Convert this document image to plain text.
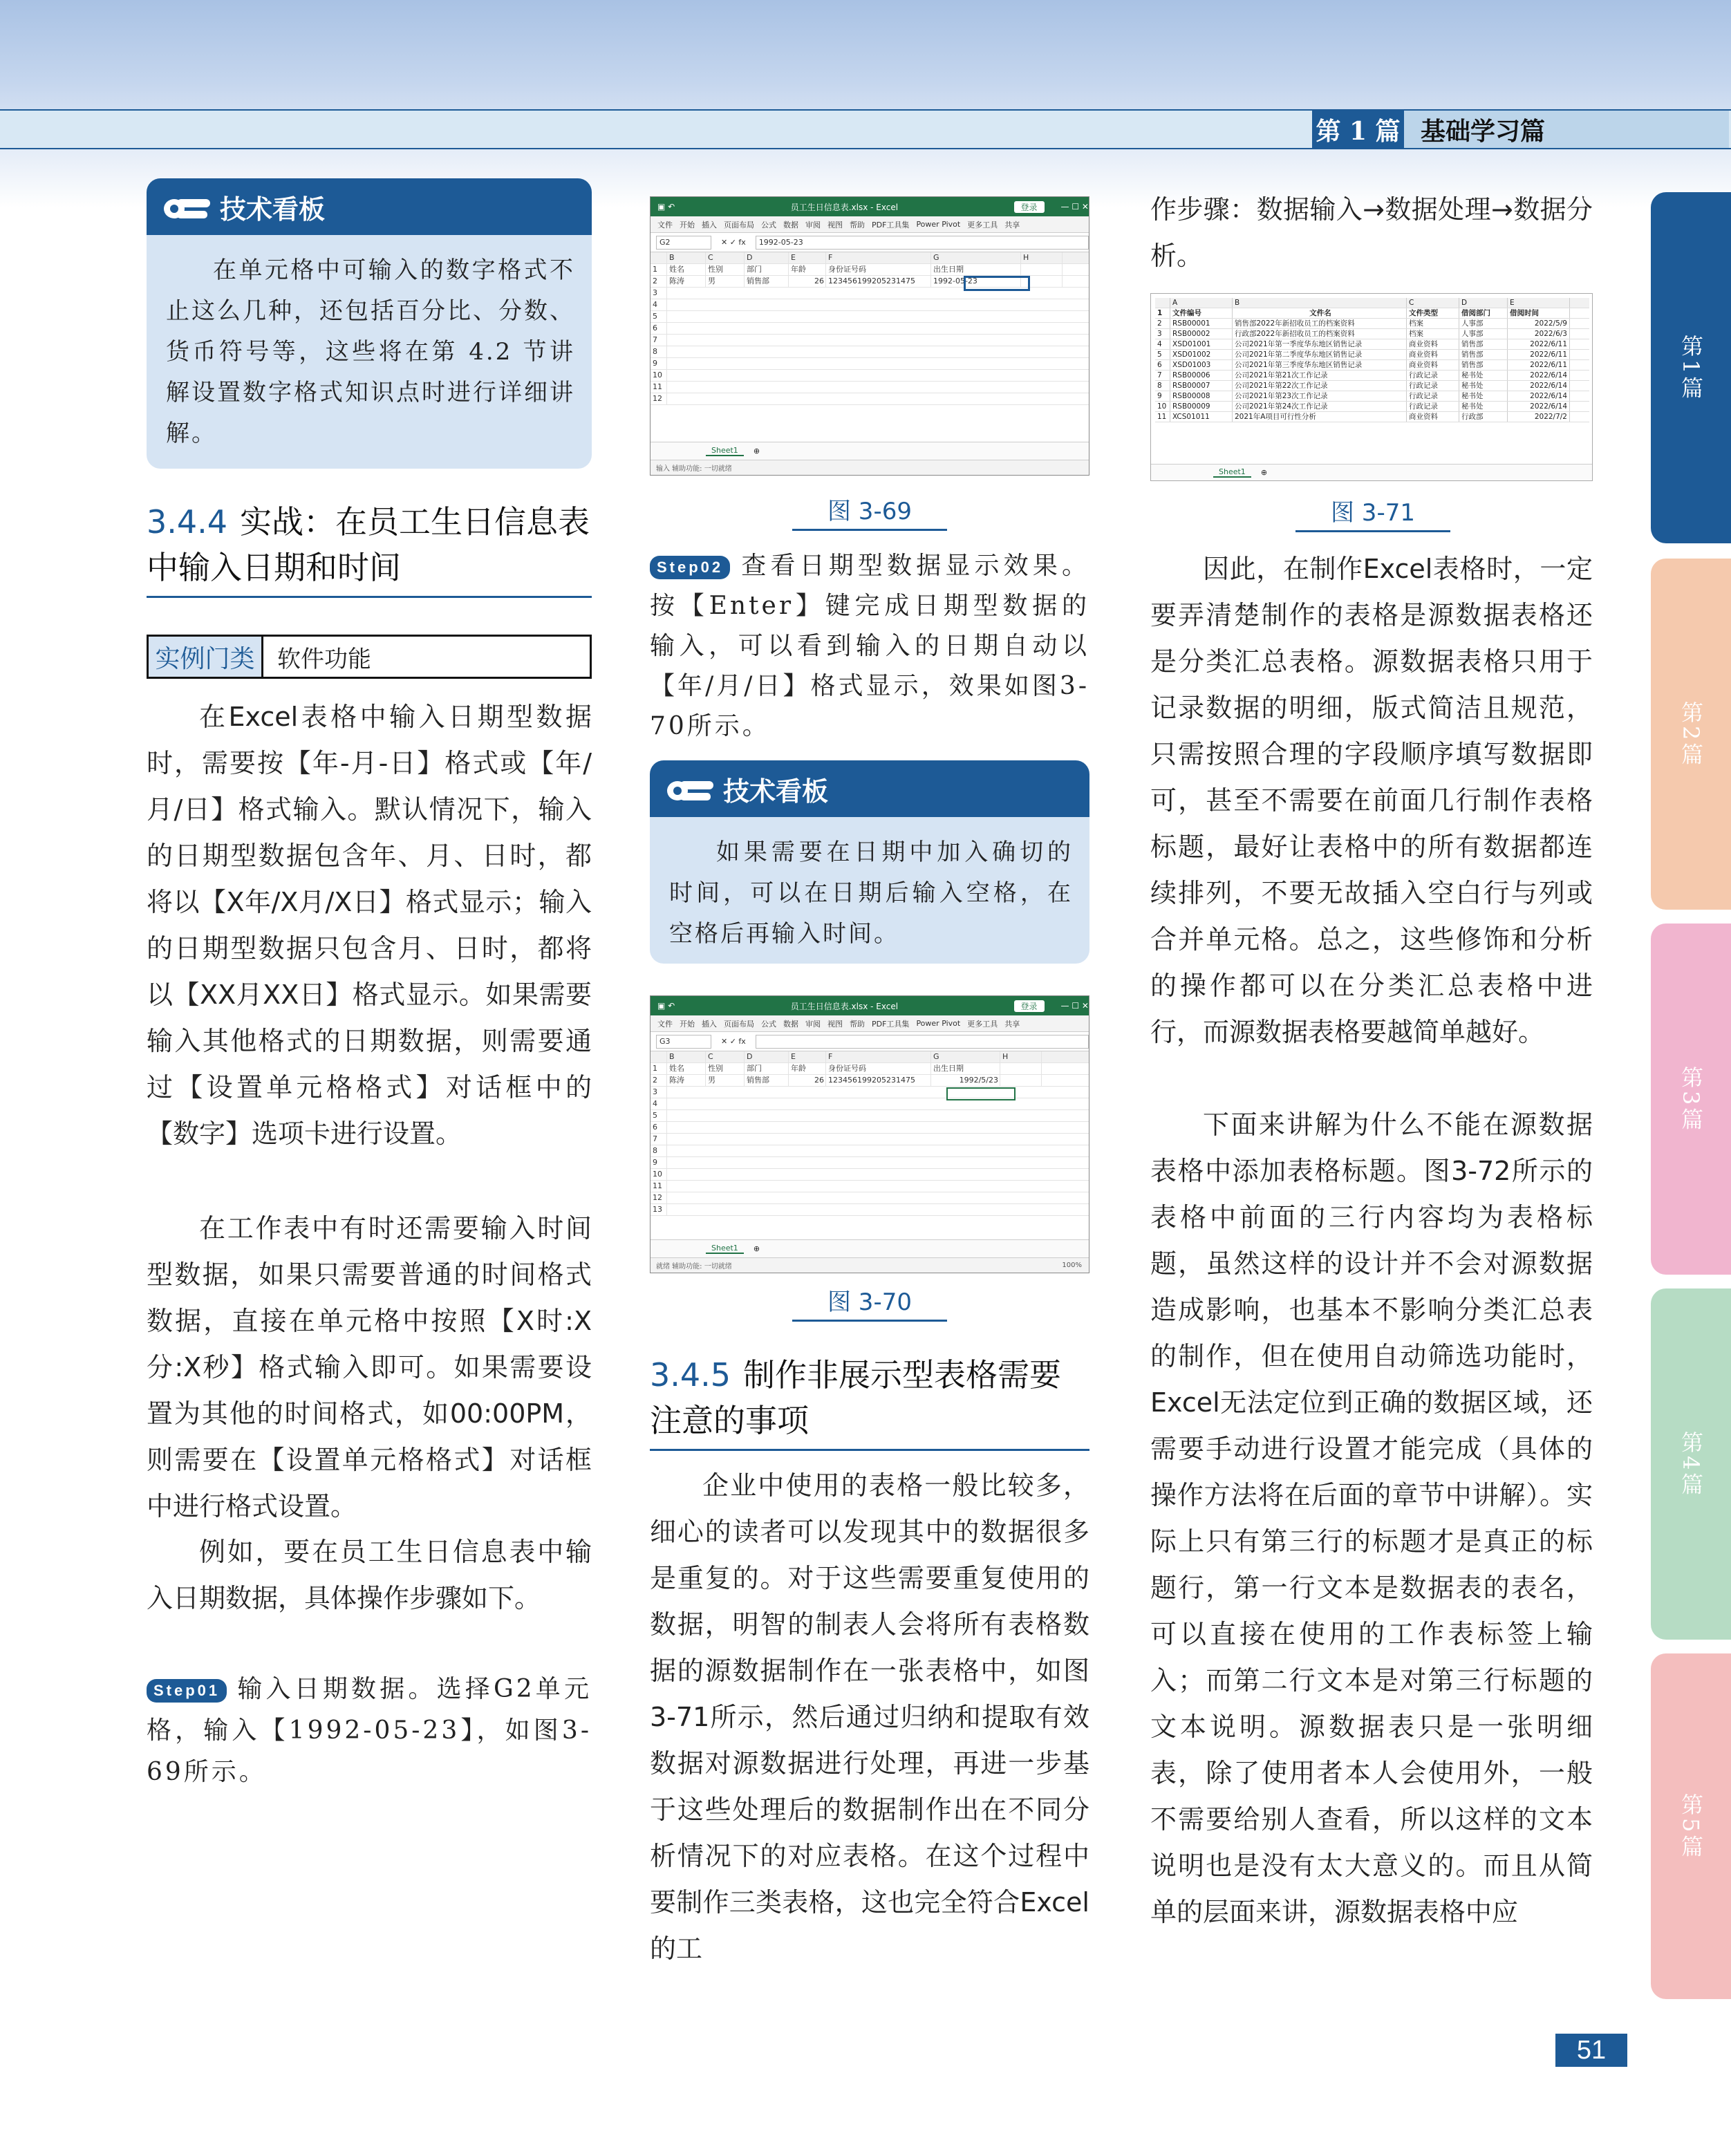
第 1 篇 基础学习篇
第1篇
第2篇
第3篇
第4篇
第5篇
技术看板
在单元格中可输入的数字格式不止这么几种，还包括百分比、分数、货币符号等，这些将在第 4.2 节讲解设置数字格式知识点时进行详细讲解。
3.4.4 实战：在员工生日信息表中输入日期和时间
实例门类 软件功能
在Excel表格中输入日期型数据时，需要按【年-月-日】格式或【年/月/日】格式输入。默认情况下，输入的日期型数据包含年、月、日时，都将以【X年/X月/X日】格式显示；输入的日期型数据只包含月、日时，都将以【XX月XX日】格式显示。如果需要输入其他格式的日期数据，则需要通过【设置单元格格式】对话框中的【数字】选项卡进行设置。
在工作表中有时还需要输入时间型数据，如果只需要普通的时间格式数据，直接在单元格中按照【X时:X分:X秒】格式输入即可。如果需要设置为其他的时间格式，如00:00PM，则需要在【设置单元格格式】对话框中进行格式设置。
例如，要在员工生日信息表中输入日期数据，具体操作步骤如下。
Step01 输入日期数据。选择G2单元格，输入【1992-05-23】，如图3-69所示。
▣ ↶	员工生日信息表.xlsx - Excel	登录	— ☐ ✕
文件 开始 插入 页面布局 公式 数据 审阅 视图 帮助 PDF工具集 Power Pivot 更多工具 共享
G2	✕ ✓ fx	1992-05-23
B	C	D	E	F	G	H
1	姓名	性别	部门	年龄	身份证号码	出生日期
2	陈涛	男	销售部	26 123456199205231475	1992-05-23
3
4
5
6
7
8
9
10
11
12
Sheet1	⊕
输入 辅助功能: 一切就绪
图 3-69
Step02 查看日期型数据显示效果。按【Enter】键完成日期型数据的输入，可以看到输入的日期自动以【年/月/日】格式显示，效果如图3-70所示。
技术看板
如果需要在日期中加入确切的时间，可以在日期后输入空格，在空格后再输入时间。
▣ ↶	员工生日信息表.xlsx - Excel	登录	— ☐ ✕
文件 开始 插入 页面布局 公式 数据 审阅 视图 帮助 PDF工具集 Power Pivot 更多工具 共享
G3	✕ ✓ fx
B	C	D	E	F	G	H
1	姓名	性别	部门	年龄	身份证号码	出生日期
2	陈涛	男	销售部	26 123456199205231475	1992/5/23
3
4
5
6
7
8
9
10
11
12
13
Sheet1	⊕
就绪 辅助功能: 一切就绪	100%
图 3-70
3.4.5 制作非展示型表格需要注意的事项
企业中使用的表格一般比较多，细心的读者可以发现其中的数据很多是重复的。对于这些需要重复使用的数据，明智的制表人会将所有表格数据的源数据制作在一张表格中，如图3-71所示，然后通过归纳和提取有效数据对源数据进行处理，再进一步基于这些处理后的数据制作出在不同分析情况下的对应表格。在这个过程中要制作三类表格，这也完全符合Excel的工
作步骤：数据输入→数据处理→数据分析。
A	B	C	D	E
1	文件编号	文件名	文件类型	借阅部门	借阅时间
2	RSB00001	销售部2022年新招收员工的档案资料	档案	人事部	2022/5/9
3	RSB00002	行政部2022年新招收员工的档案资料	档案	人事部	2022/6/3
4	XSD01001	公司2021年第一季度华东地区销售记录	商业资料	销售部	2022/6/11
5	XSD01002	公司2021年第二季度华东地区销售记录	商业资料	销售部	2022/6/11
6	XSD01003	公司2021年第三季度华东地区销售记录	商业资料	销售部	2022/6/11
7	RSB00006	公司2021年第21次工作记录	行政记录	秘书处	2022/6/14
8	RSB00007	公司2021年第22次工作记录	行政记录	秘书处	2022/6/14
9	RSB00008	公司2021年第23次工作记录	行政记录	秘书处	2022/6/14
10 RSB00009	公司2021年第24次工作记录	行政记录	秘书处	2022/6/14
11 XCS01011	2021年A项目可行性分析	商业资料	行政部	2022/7/2
Sheet1	⊕
图 3-71
因此，在制作Excel表格时，一定要弄清楚制作的表格是源数据表格还是分类汇总表格。源数据表格只用于记录数据的明细，版式简洁且规范，只需按照合理的字段顺序填写数据即可，甚至不需要在前面几行制作表格标题，最好让表格中的所有数据都连续排列，不要无故插入空白行与列或合并单元格。总之，这些修饰和分析的操作都可以在分类汇总表格中进行，而源数据表格要越简单越好。
下面来讲解为什么不能在源数据表格中添加表格标题。图3-72所示的表格中前面的三行内容均为表格标题，虽然这样的设计并不会对源数据造成影响，也基本不影响分类汇总表的制作，但在使用自动筛选功能时，Excel无法定位到正确的数据区域，还需要手动进行设置才能完成（具体的操作方法将在后面的章节中讲解）。实际上只有第三行的标题才是真正的标题行，第一行文本是数据表的表名，可以直接在使用的工作表标签上输入；而第二行文本是对第三行标题的文本说明。源数据表只是一张明细表，除了使用者本人会使用外，一般不需要给别人查看，所以这样的文本说明也是没有太大意义的。而且从简单的层面来讲，源数据表格中应
51
